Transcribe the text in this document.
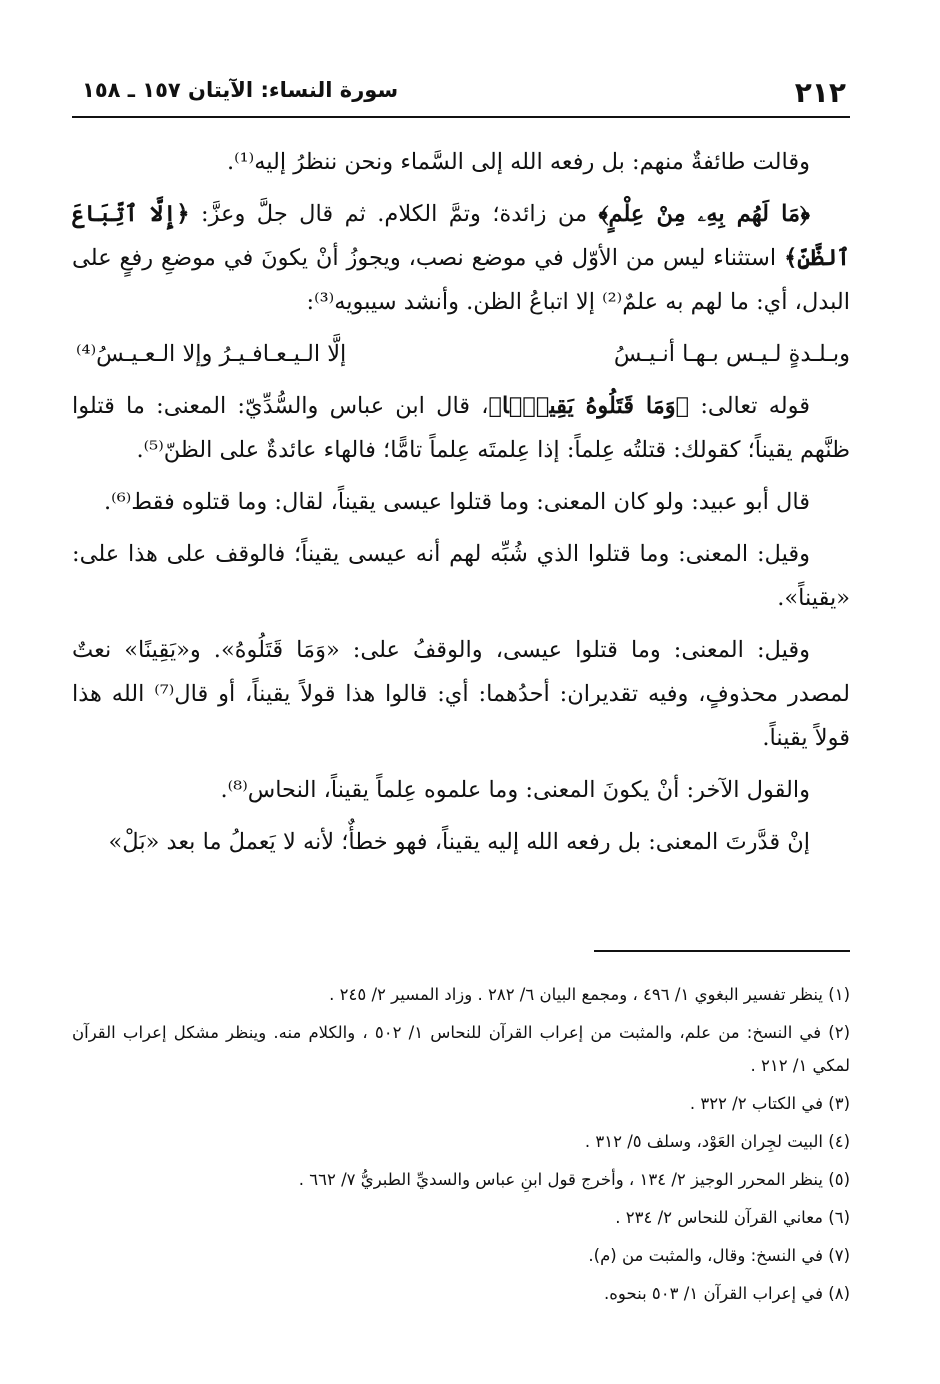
٢١٢
سورة النساء: الآيتان ١٥٧ ـ ١٥٨

وقالت طائفةٌ منهم: بل رفعه الله إلى السَّماء ونحن ننظرُ إليه⁽¹⁾.

﴿مَا لَهُم بِهِۦ مِنْ عِلْمٍ﴾ من زائدة؛ وتمَّ الكلام. ثم قال جلَّ وعزَّ: ﴿إِلَّا ٱتِّبَاعَ ٱلظَّنِّ﴾ استثناء ليس من الأوّل في موضع نصب، ويجوزُ أنْ يكونَ في موضعِ رفعٍ على البدل، أي: ما لهم به علمٌ⁽²⁾ إلا اتباعُ الظن. وأنشد سيبويه⁽³⁾:

وبـلـدةٍ لـيـس بـهـا أنـيـسُ
إلَّا الـيـعـافـيـرُ وإلا الـعـيـسُ⁽⁴⁾

قوله تعالى: ﴿وَمَا قَتَلُوهُ يَقِينًۢا﴾، قال ابن عباس والسُّدِّيّ: المعنى: ما قتلوا ظنَّهم يقيناً؛ كقولك: قتلتُه عِلماً: إذا عِلمتَه عِلماً تامًّا؛ فالهاء عائدةٌ على الظنّ⁽⁵⁾.

قال أبو عبيد: ولو كان المعنى: وما قتلوا عيسى يقيناً، لقال: وما قتلوه فقط⁽⁶⁾.

وقيل: المعنى: وما قتلوا الذي شُبِّه لهم أنه عيسى يقيناً؛ فالوقف على هذا على: «يقيناً».

وقيل: المعنى: وما قتلوا عيسى، والوقفُ على: «وَمَا قَتَلُوهُ». و«يَقِينًا» نعتٌ لمصدر محذوفٍ، وفيه تقديران: أحدُهما: أي: قالوا هذا قولاً يقيناً، أو قال⁽⁷⁾ الله هذا قولاً يقيناً.

والقول الآخر: أنْ يكونَ المعنى: وما علموه عِلماً يقيناً، النحاس⁽⁸⁾.

إنْ قدَّرتَ المعنى: بل رفعه الله إليه يقيناً، فهو خطأٌ؛ لأنه لا يَعملُ ما بعد «بَلْ»

(١) ينظر تفسير البغوي ١/ ٤٩٦ ، ومجمع البيان ٦/ ٢٨٢ . وزاد المسير ٢/ ٢٤٥ .

(٢) في النسخ: من علم، والمثبت من إعراب القرآن للنحاس ١/ ٥٠٢ ، والكلام منه. وينظر مشكل إعراب القرآن لمكي ١/ ٢١٢ .

(٣) في الكتاب ٢/ ٣٢٢ .

(٤) البيت لجِران العَوْد، وسلف ٥/ ٣١٢ .

(٥) ينظر المحرر الوجيز ٢/ ١٣٤ ، وأخرج قول ابنِ عباس والسديِّ الطبريُّ ٧/ ٦٦٢ .

(٦) معاني القرآن للنحاس ٢/ ٢٣٤ .

(٧) في النسخ: وقال، والمثبت من (م).

(٨) في إعراب القرآن ١/ ٥٠٣ بنحوه.
